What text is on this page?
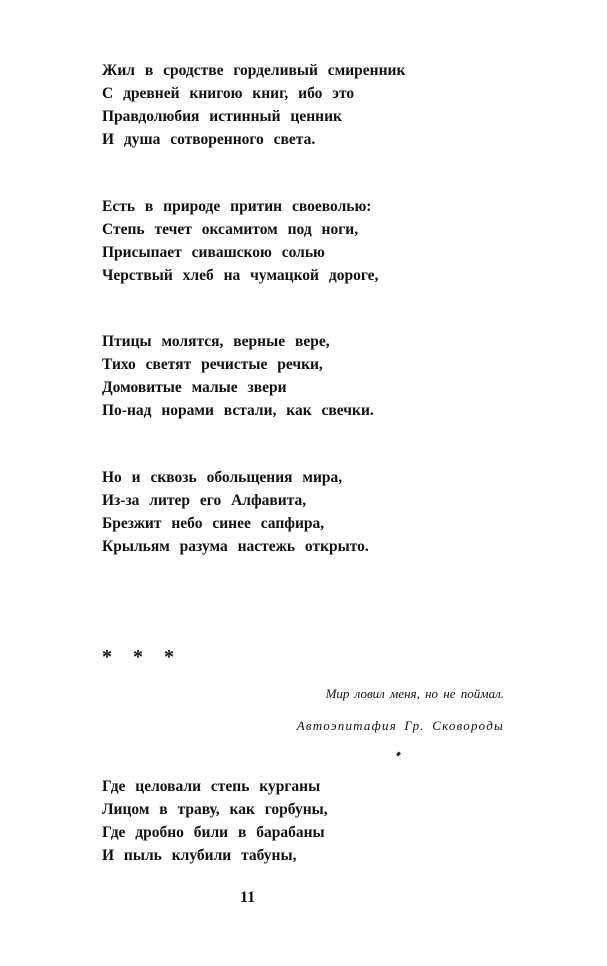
Жил в сродстве горделивый смиренник
С древней книгою книг, ибо это
Правдолюбия истинный ценник
И душа сотворенного света.
Есть в природе притин своеволью:
Степь течет оксамитом под ноги,
Присыпает сивашскою солью
Черствый хлеб на чумацкой дороге,
Птицы молятся, верные вере,
Тихо светят речистые речки,
Домовитые малые звери
По-над норами встали, как свечки.
Но и сквозь обольщения мира,
Из-за литер его Алфавита,
Брезжит небо синее сапфира,
Крыльям разума настежь открыто.
* * *
Мир ловил меня, но не поймал.
Автоэпитафия Гр. Сковороды
Где целовали степь курганы
Лицом в траву, как горбуны,
Где дробно били в барабаны
И пыль клубили табуны,
11
